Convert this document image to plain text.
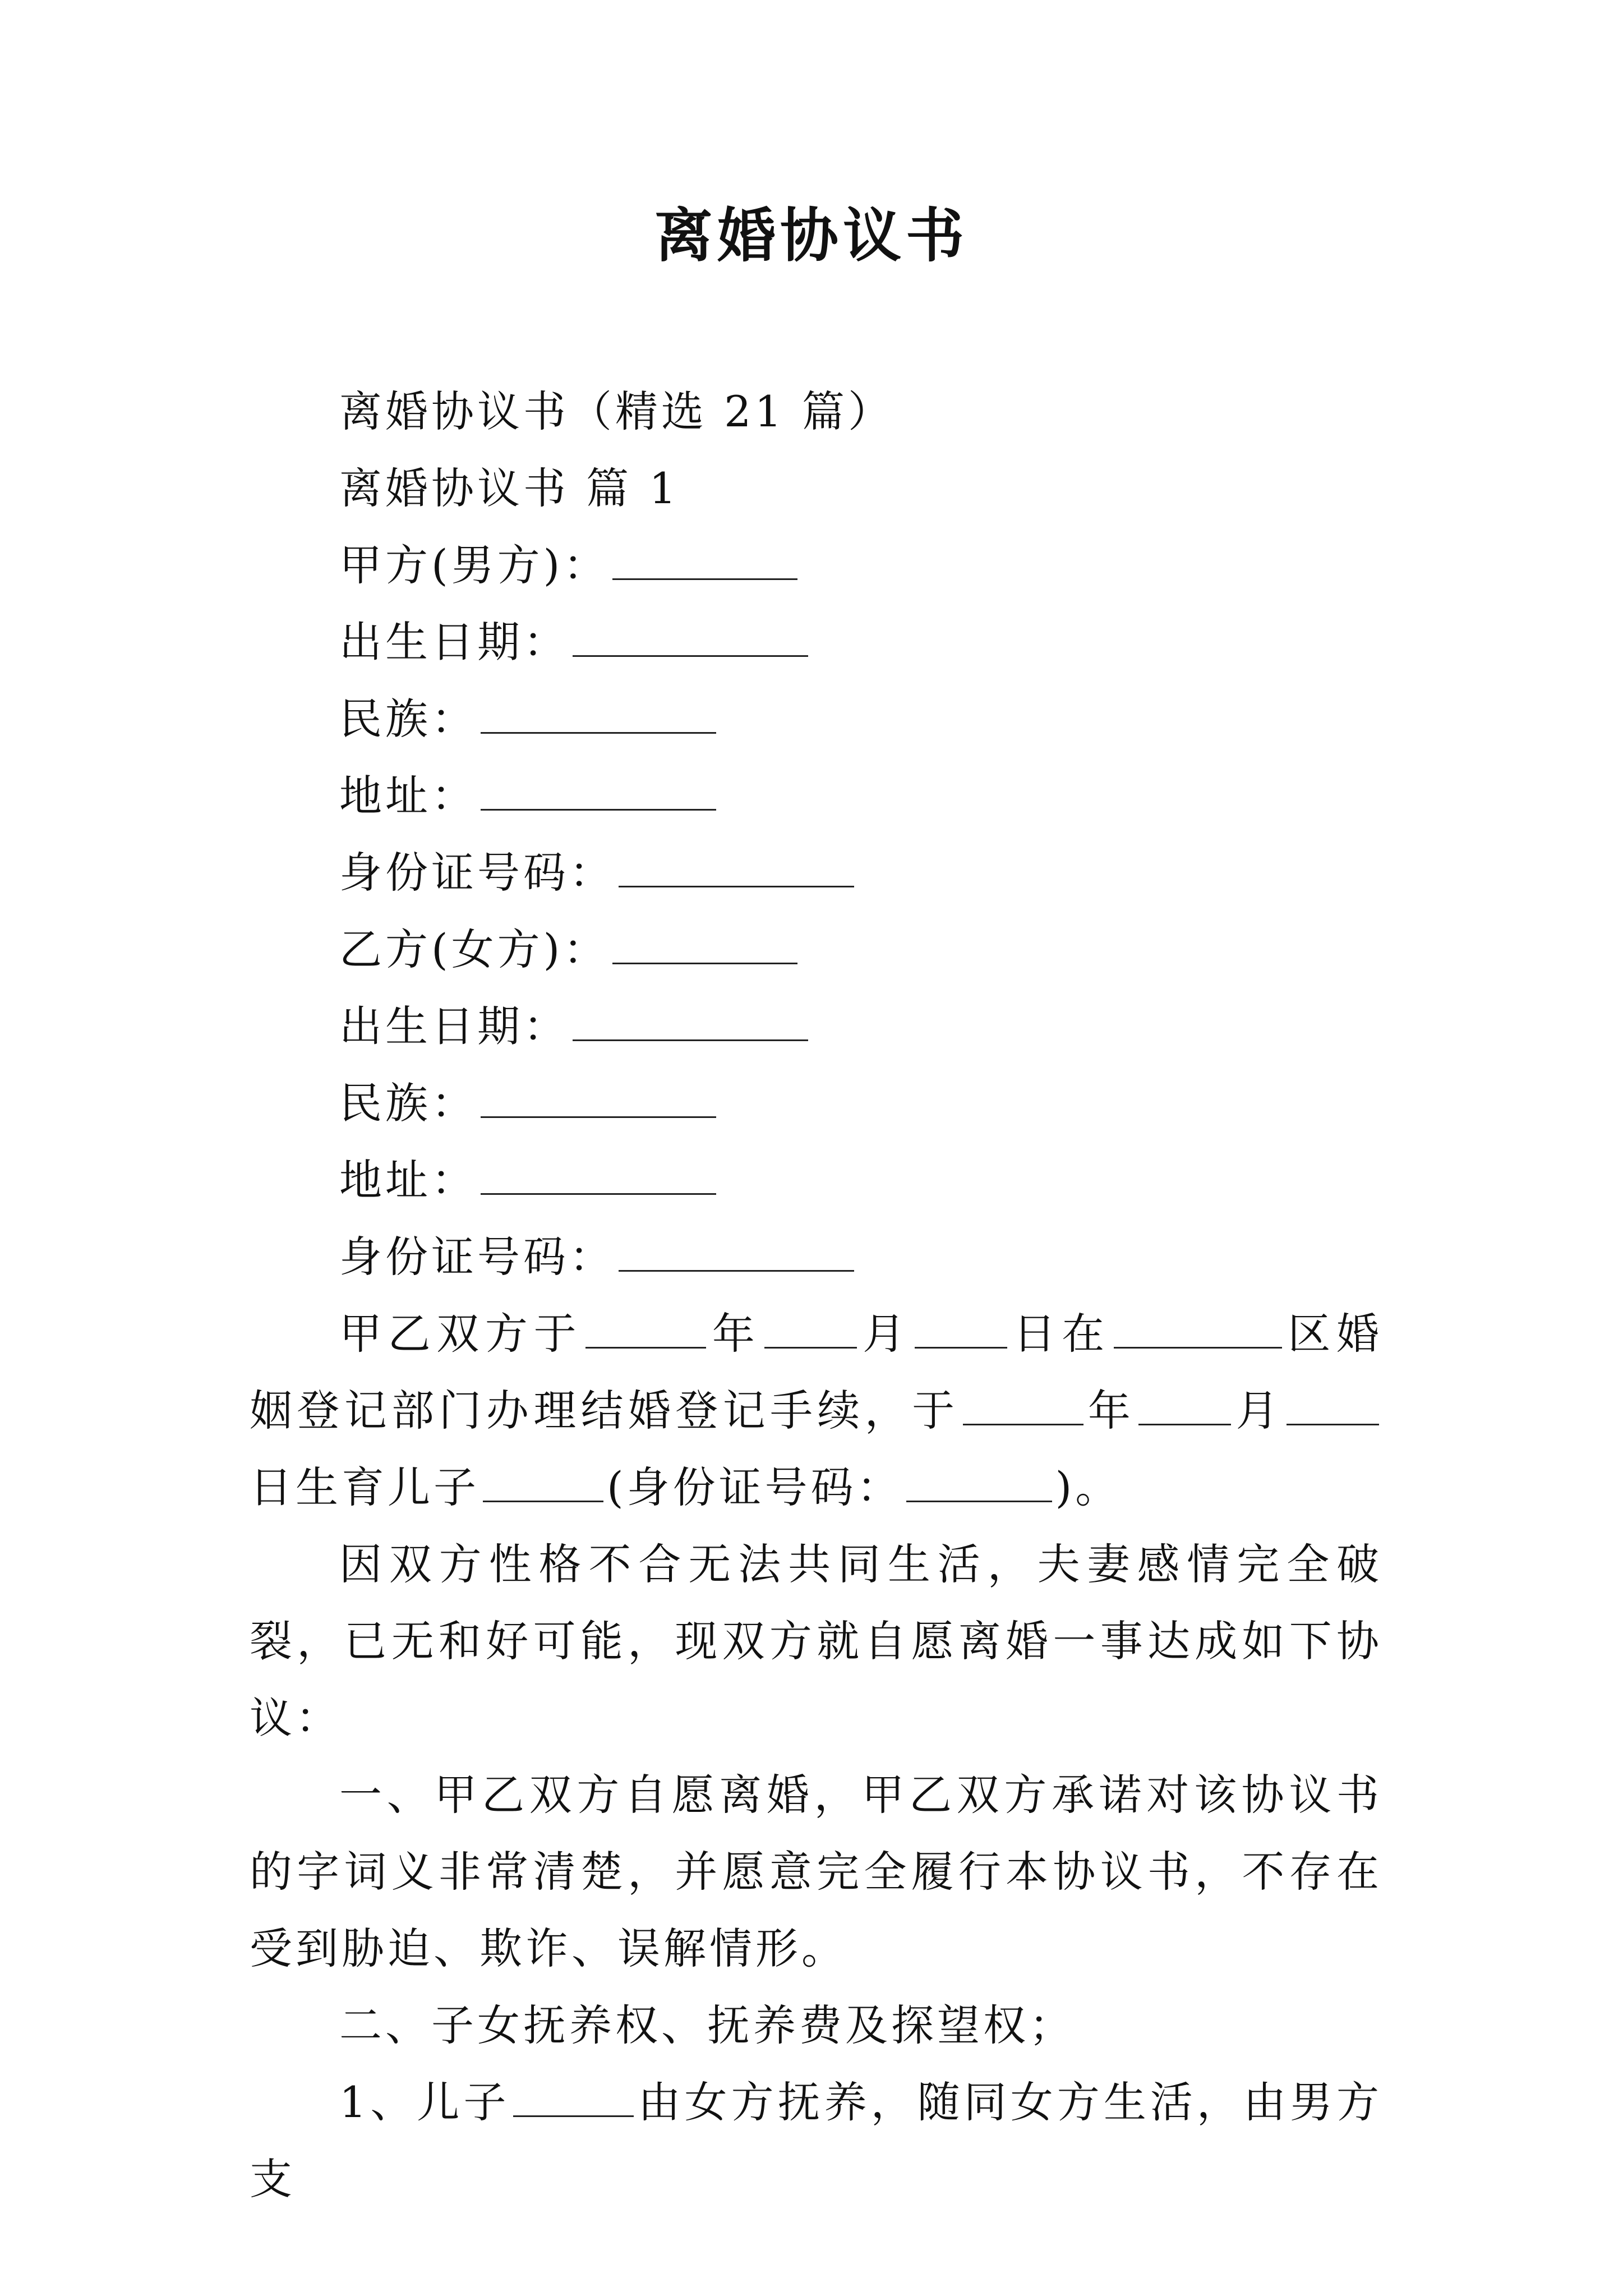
离婚协议书

离婚协议书（精选 21 篇）

离婚协议书 篇 1

甲方(男方)：

出生日期：

民族：

地址：

身份证号码：

乙方(女方)：

出生日期：

民族：

地址：

身份证号码：

甲乙双方于	年 月 日在	区婚姻登记部门办理结婚登记手续，于	年 月日生育儿子	(身份证号码：	)。

因双方性格不合无法共同生活，夫妻感情完全破裂，已无和好可能，现双方就自愿离婚一事达成如下协议：

一、甲乙双方自愿离婚，甲乙双方承诺对该协议书的字词义非常清楚，并愿意完全履行本协议书，不存在受到胁迫、欺诈、误解情形。

二、子女抚养权、抚养费及探望权；

1、儿子	由女方抚养，随同女方生活，由男方支
